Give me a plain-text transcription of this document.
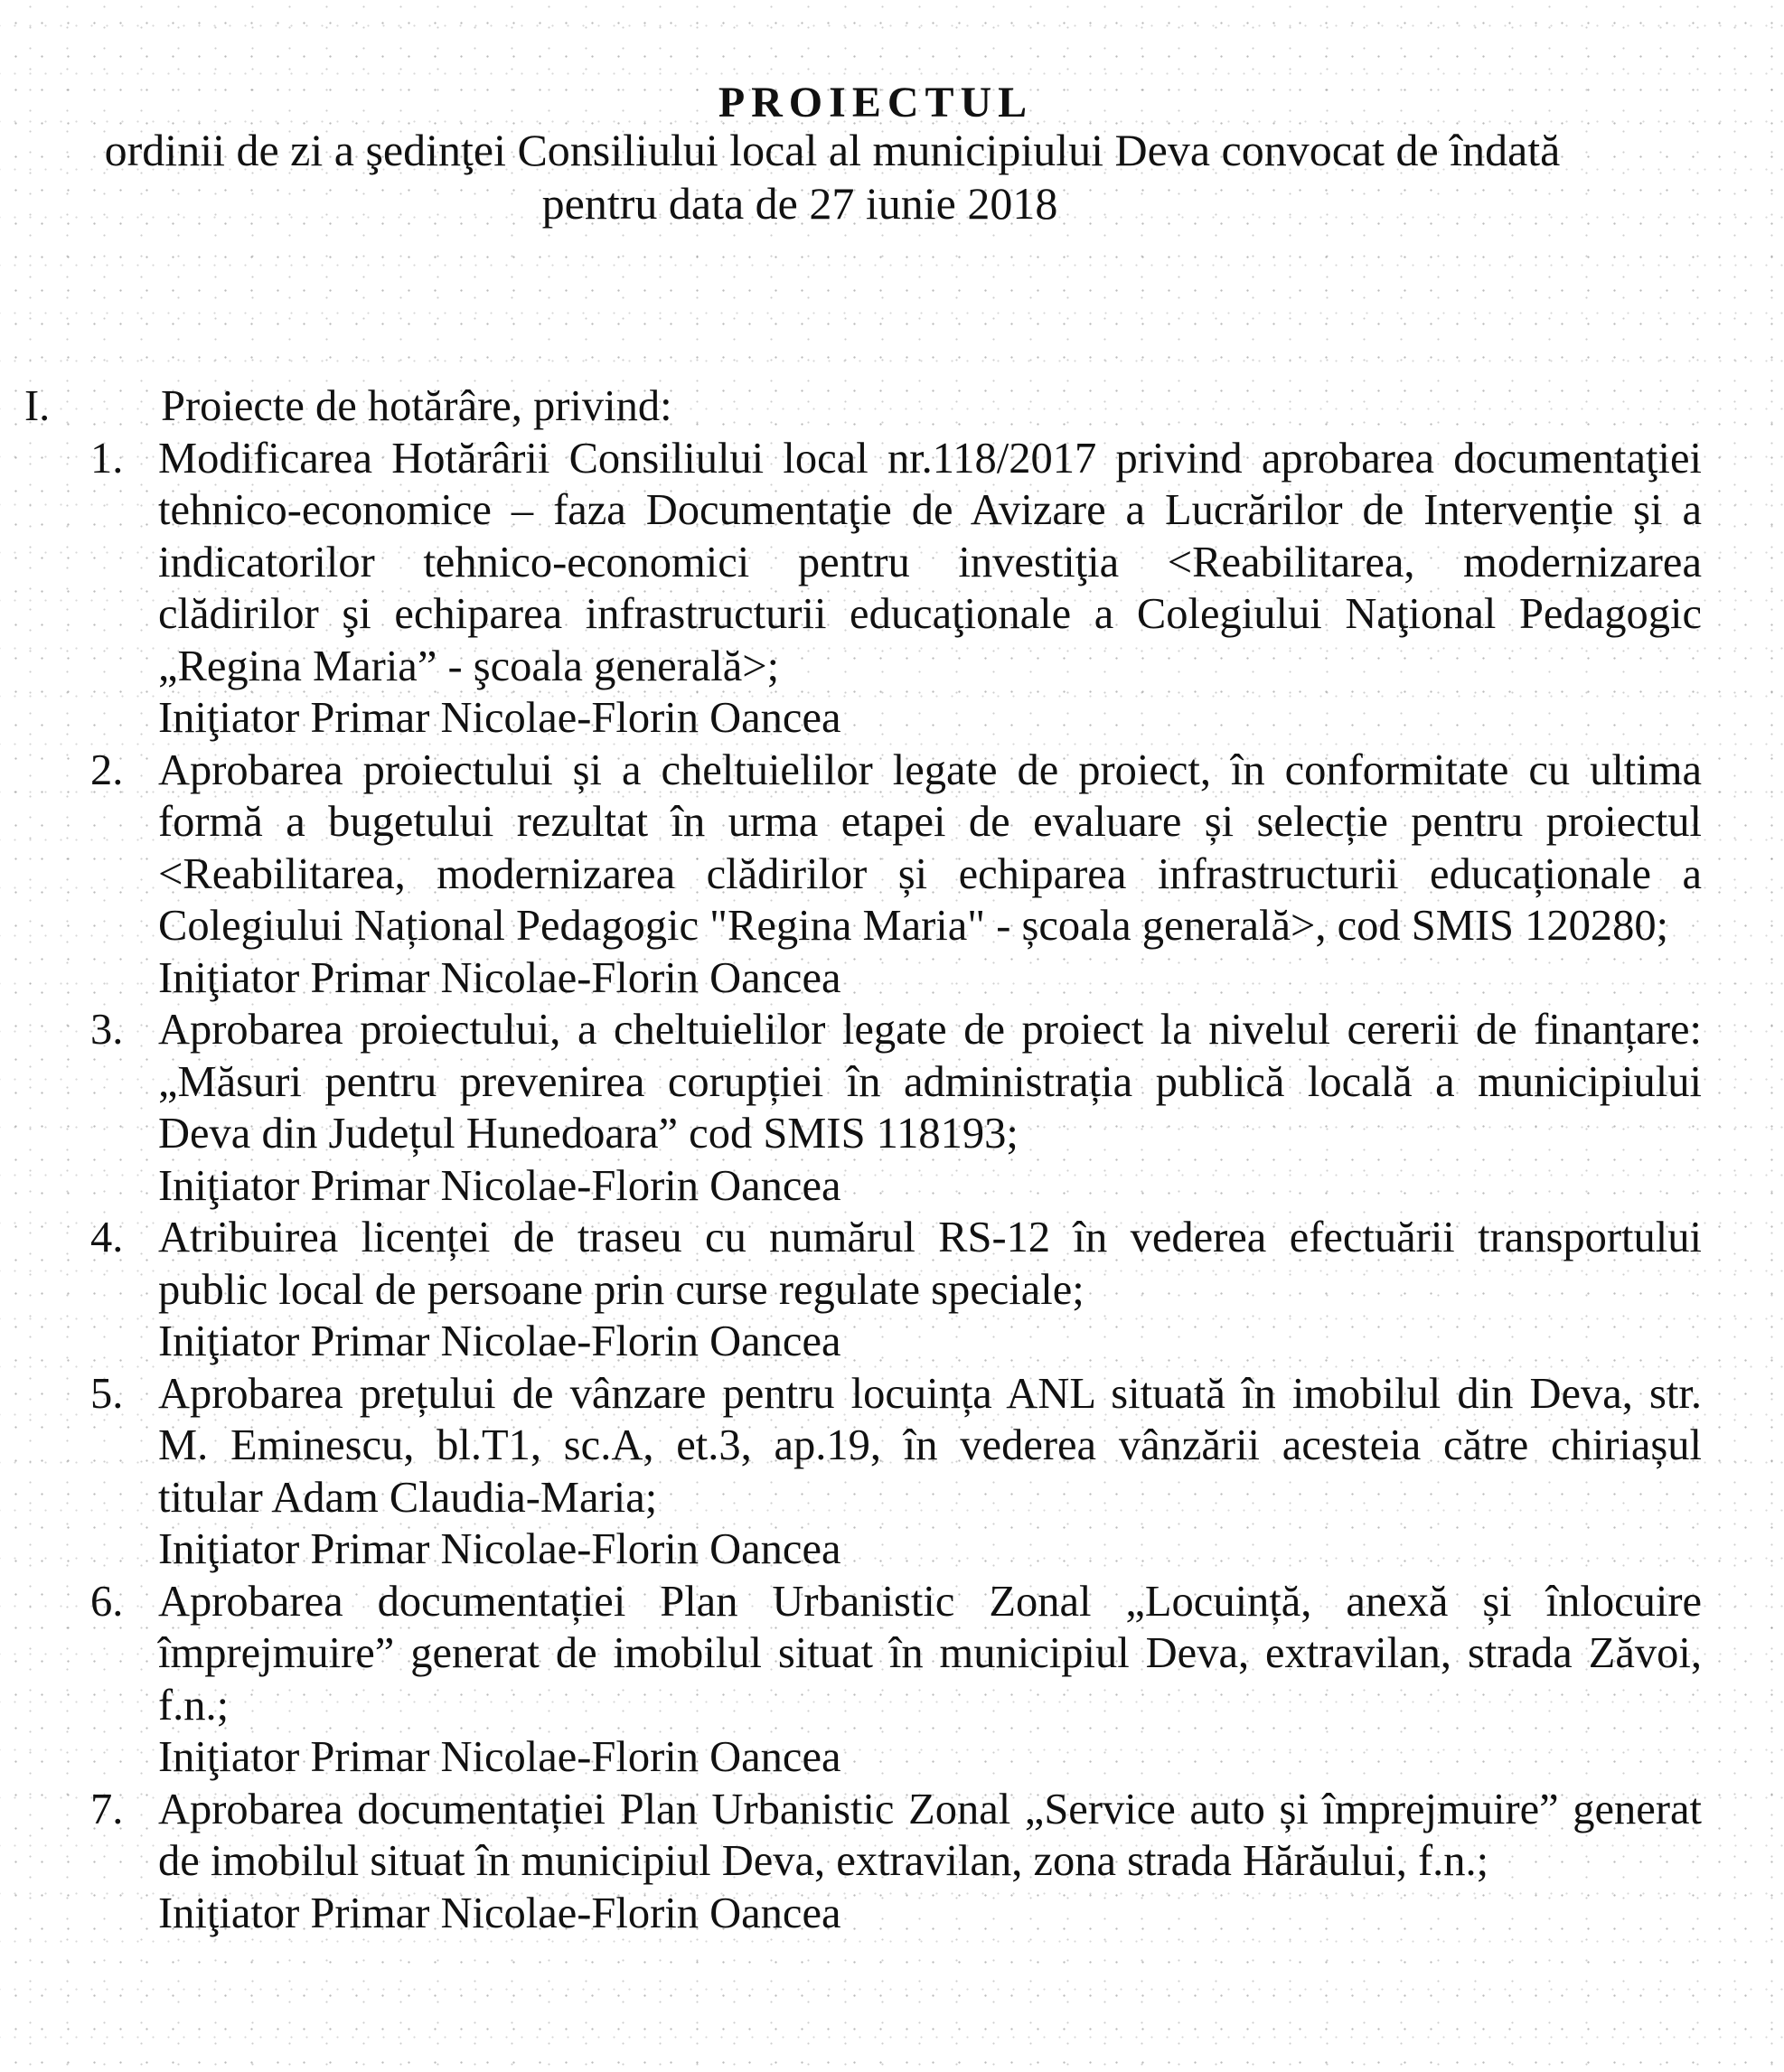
PROIECTUL
ordinii de zi a şedinţei Consiliului local al municipiului Deva convocat de îndată
pentru data de 27 iunie 2018
I.	Proiecte de hotărâre, privind:
1. Modificarea Hotărârii Consiliului local nr.118/2017 privind aprobarea documentaţiei
tehnico-economice – faza Documentaţie de Avizare a Lucrărilor de Intervenție și a
indicatorilor tehnico-economici pentru investiţia <Reabilitarea, modernizarea
clădirilor şi echiparea infrastructurii educaţionale a Colegiului Naţional Pedagogic
„Regina Maria” - şcoala generală>;
Iniţiator Primar Nicolae-Florin Oancea
2. Aprobarea proiectului și a cheltuielilor legate de proiect, în conformitate cu ultima
formă a bugetului rezultat în urma etapei de evaluare și selecție pentru proiectul
<Reabilitarea, modernizarea clădirilor și echiparea infrastructurii educaționale a
Colegiului Național Pedagogic "Regina Maria" - școala generală>, cod SMIS 120280;
Iniţiator Primar Nicolae-Florin Oancea
3. Aprobarea proiectului, a cheltuielilor legate de proiect la nivelul cererii de finanțare:
„Măsuri pentru prevenirea corupției în administrația publică locală a municipiului
Deva din Județul Hunedoara” cod SMIS 118193;
Iniţiator Primar Nicolae-Florin Oancea
4. Atribuirea licenței de traseu cu numărul RS-12 în vederea efectuării transportului
public local de persoane prin curse regulate speciale;
Iniţiator Primar Nicolae-Florin Oancea
5. Aprobarea prețului de vânzare pentru locuința ANL situată în imobilul din Deva, str.
M. Eminescu, bl.T1, sc.A, et.3, ap.19, în vederea vânzării acesteia către chiriașul
titular Adam Claudia-Maria;
Iniţiator Primar Nicolae-Florin Oancea
6. Aprobarea documentației Plan Urbanistic Zonal „Locuință, anexă și înlocuire
împrejmuire” generat de imobilul situat în municipiul Deva, extravilan, strada Zăvoi,
f.n.;
Iniţiator Primar Nicolae-Florin Oancea
7. Aprobarea documentației Plan Urbanistic Zonal „Service auto și împrejmuire” generat
de imobilul situat în municipiul Deva, extravilan, zona strada Hărăului, f.n.;
Iniţiator Primar Nicolae-Florin Oancea
